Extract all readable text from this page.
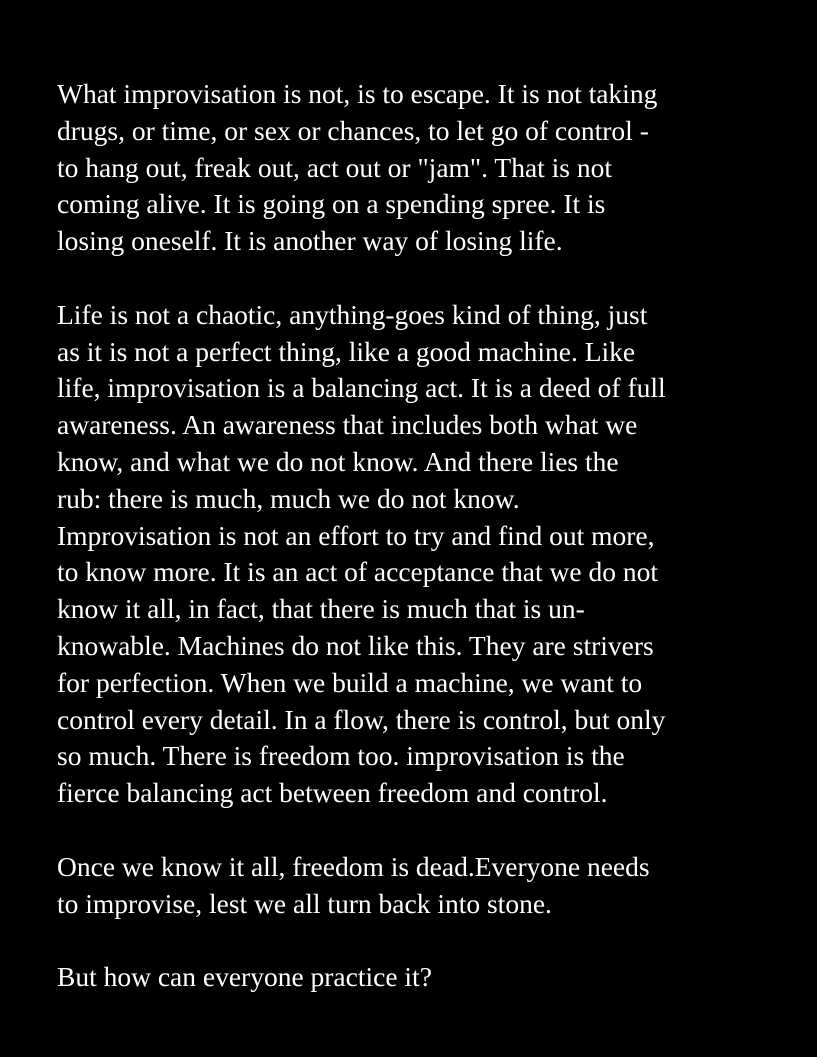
What improvisation is not, is to escape. It is not taking
drugs, or time, or sex or chances, to let go of control -
to hang out, freak out, act out or "jam". That is not
coming alive. It is going on a spending spree. It is
losing oneself. It is another way of losing life.

Life is not a chaotic, anything-goes kind of thing, just
as it is not a perfect thing, like a good machine. Like
life, improvisation is a balancing act. It is a deed of full
awareness. An awareness that includes both what we
know, and what we do not know. And there lies the
rub: there is much, much we do not know.
Improvisation is not an effort to try and find out more,
to know more. It is an act of acceptance that we do not
know it all, in fact, that there is much that is un-
knowable. Machines do not like this. They are strivers
for perfection. When we build a machine, we want to
control every detail. In a flow, there is control, but only
so much. There is freedom too. improvisation is the
fierce balancing act between freedom and control.

Once we know it all, freedom is dead.Everyone needs
to improvise, lest we all turn back into stone.

But how can everyone practice it?
